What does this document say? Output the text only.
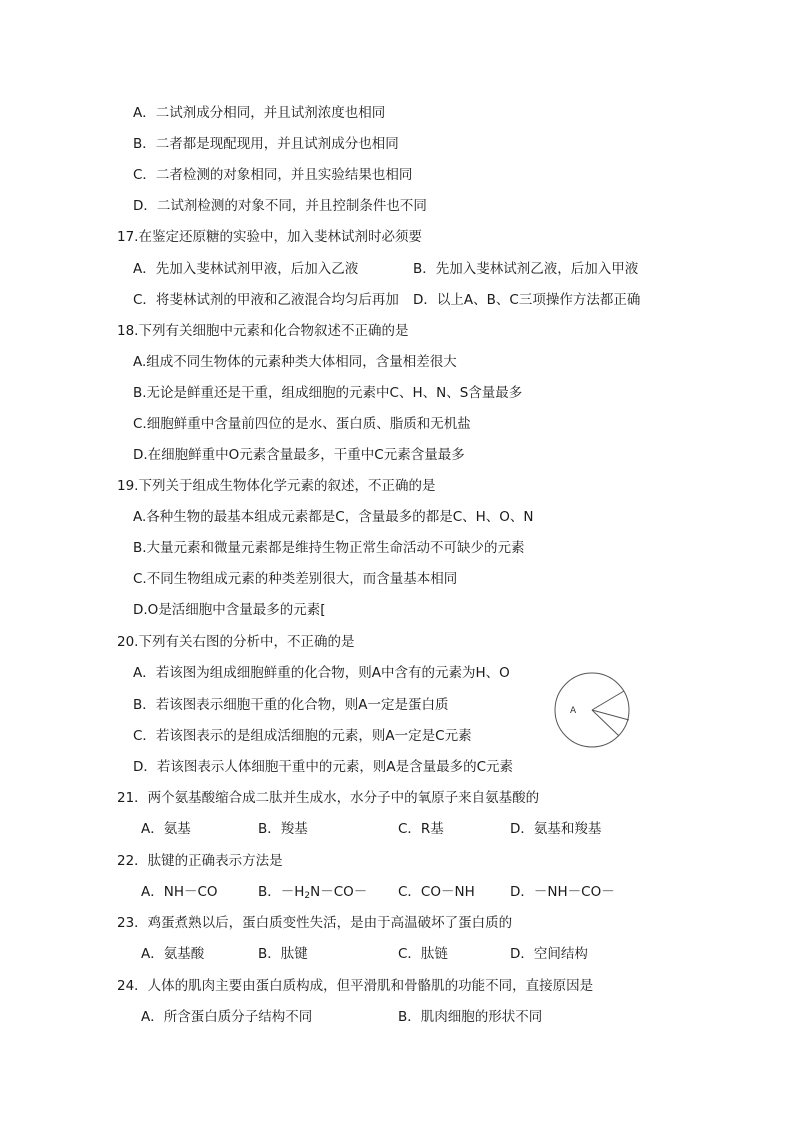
A．二试剂成分相同，并且试剂浓度也相同
B．二者都是现配现用，并且试剂成分也相同
C．二者检测的对象相同，并且实验结果也相同
D．二试剂检测的对象不同，并且控制条件也不同
17.在鉴定还原糖的实验中，加入斐林试剂时必须要
A．先加入斐林试剂甲液，后加入乙液	B．先加入斐林试剂乙液，后加入甲液
C．将斐林试剂的甲液和乙液混合均匀后再加 D．以上A、B、C三项操作方法都正确
18.下列有关细胞中元素和化合物叙述不正确的是
A.组成不同生物体的元素种类大体相同，含量相差很大
B.无论是鲜重还是干重，组成细胞的元素中C、H、N、S含量最多
C.细胞鲜重中含量前四位的是水、蛋白质、脂质和无机盐
D.在细胞鲜重中O元素含量最多，干重中C元素含量最多
19.下列关于组成生物体化学元素的叙述，不正确的是
A.各种生物的最基本组成元素都是C，含量最多的都是C、H、O、N
B.大量元素和微量元素都是维持生物正常生命活动不可缺少的元素
C.不同生物组成元素的种类差别很大，而含量基本相同
D.O是活细胞中含量最多的元素[
20.下列有关右图的分析中，不正确的是
A．若该图为组成细胞鲜重的化合物，则A中含有的元素为H、O
B．若该图表示细胞干重的化合物，则A一定是蛋白质
C．若该图表示的是组成活细胞的元素，则A一定是C元素
D．若该图表示人体细胞干重中的元素，则A是含量最多的C元素
A
21．两个氨基酸缩合成二肽并生成水，水分子中的氧原子来自氨基酸的
A．氨基	B．羧基	C．R基	D．氨基和羧基
22．肽键的正确表示方法是
A．NH－CO	B．$-H_2N-CO- C$．CO－NH	D．－NH－CO－
23．鸡蛋煮熟以后，蛋白质变性失活，是由于高温破坏了蛋白质的
A．氨基酸	B．肽键	C．肽链	D．空间结构
24．人体的肌肉主要由蛋白质构成，但平滑肌和骨骼肌的功能不同，直接原因是
A．所含蛋白质分子结构不同	B．肌肉细胞的形状不同
